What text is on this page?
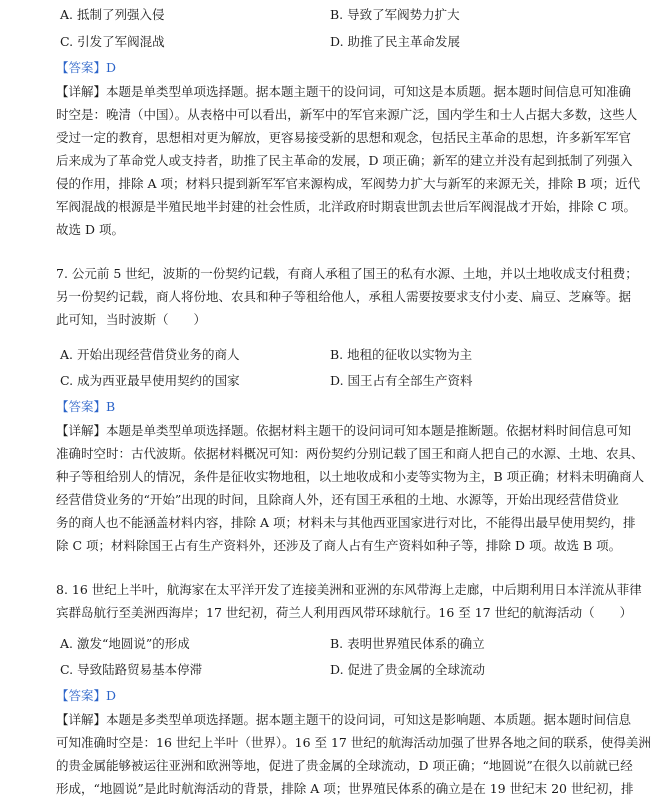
A. 抵制了列强入侵	B. 导致了军阀势力扩大
C. 引发了军阀混战	D. 助推了民主革命发展
【答案】D
【详解】本题是单类型单项选择题。据本题主题干的设问词，可知这是本质题。据本题时间信息可知准确
时空是：晚清（中国）。从表格中可以看出，新军中的军官来源广泛，国内学生和士人占据大多数，这些人
受过一定的教育，思想相对更为解放，更容易接受新的思想和观念，包括民主革命的思想，许多新军军官
后来成为了革命党人或支持者，助推了民主革命的发展，D 项正确；新军的建立并没有起到抵制了列强入
侵的作用，排除 A 项；材料只提到新军军官来源构成，军阀势力扩大与新军的来源无关，排除 B 项；近代
军阀混战的根源是半殖民地半封建的社会性质，北洋政府时期袁世凯去世后军阀混战才开始，排除 C 项。
故选 D 项。
7. 公元前 5 世纪，波斯的一份契约记载，有商人承租了国王的私有水源、土地，并以土地收成支付租费；
另一份契约记载，商人将份地、农具和种子等租给他人，承租人需要按要求支付小麦、扁豆、芝麻等。据
此可知，当时波斯（　　）
A. 开始出现经营借贷业务的商人	B. 地租的征收以实物为主
C. 成为西亚最早使用契约的国家	D. 国王占有全部生产资料
【答案】B
【详解】本题是单类型单项选择题。依据材料主题干的设问词可知本题是推断题。依据材料时间信息可知
准确时空时：古代波斯。依据材料概况可知：两份契约分别记载了国王和商人把自己的水源、土地、农具、
种子等租给别人的情况，条件是征收实物地租，以土地收成和小麦等实物为主，B 项正确；材料未明确商人
经营借贷业务的“开始”出现的时间，且除商人外，还有国王承租的土地、水源等，开始出现经营借贷业
务的商人也不能涵盖材料内容，排除 A 项；材料未与其他西亚国家进行对比，不能得出最早使用契约，排
除 C 项；材料除国王占有生产资料外，还涉及了商人占有生产资料如种子等，排除 D 项。故选 B 项。
8. 16 世纪上半叶，航海家在太平洋开发了连接美洲和亚洲的东风带海上走廊，中后期利用日本洋流从菲律
宾群岛航行至美洲西海岸；17 世纪初，荷兰人利用西风带环球航行。16 至 17 世纪的航海活动（　　）
A. 激发“地圆说”的形成	B. 表明世界殖民体系的确立
C. 导致陆路贸易基本停滞	D. 促进了贵金属的全球流动
【答案】D
【详解】本题是多类型单项选择题。据本题主题干的设问词，可知这是影响题、本质题。据本题时间信息
可知准确时空是：16 世纪上半叶（世界）。16 至 17 世纪的航海活动加强了世界各地之间的联系，使得美洲
的贵金属能够被运往亚洲和欧洲等地，促进了贵金属的全球流动，D 项正确；“地圆说”在很久以前就已经
形成，“地圆说”是此时航海活动的背景，排除 A 项；世界殖民体系的确立是在 19 世纪末 20 世纪初，排
